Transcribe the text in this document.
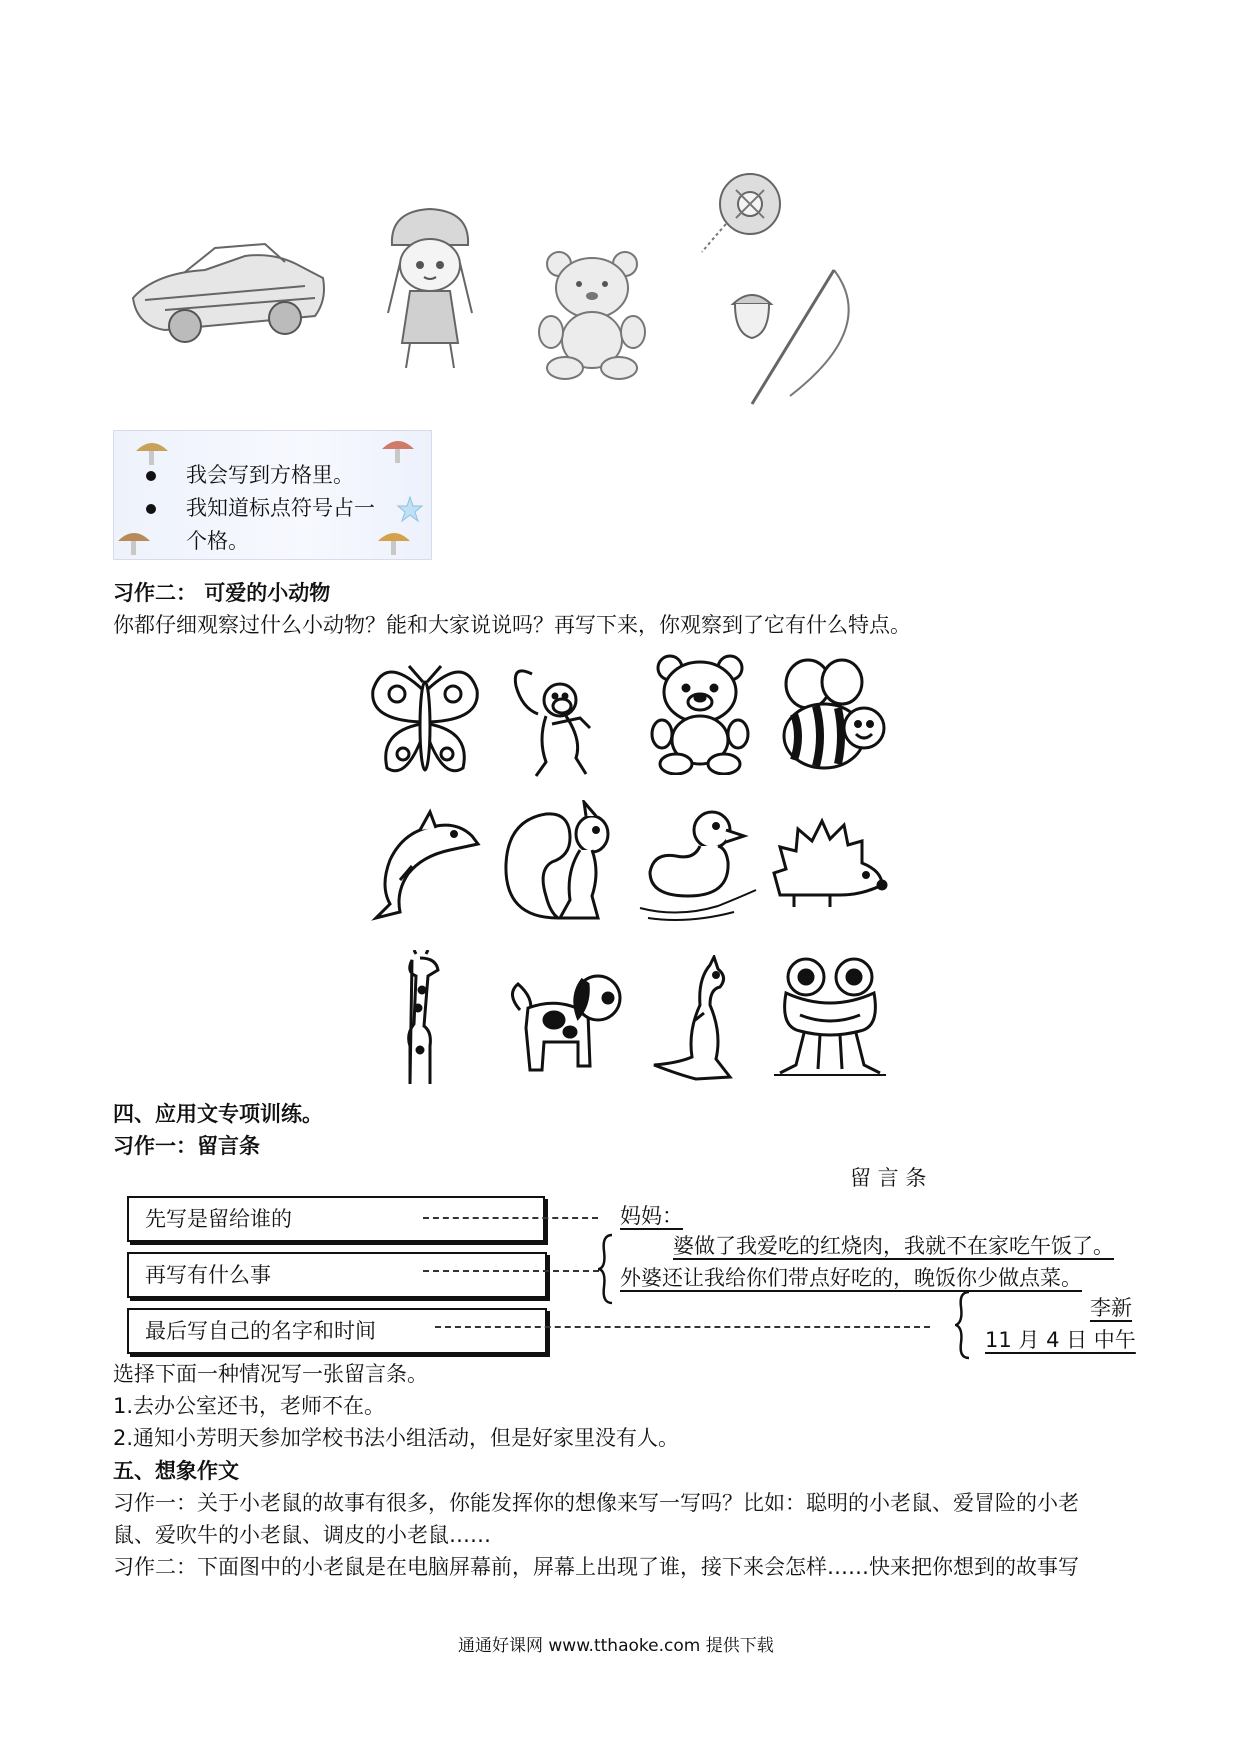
我会写到方格里。
我知道标点符号占一
个格。
习作二： 可爱的小动物
你都仔细观察过什么小动物？能和大家说说吗？再写下来，你观察到了它有什么特点。
四、应用文专项训练。
习作一：留言条
留 言 条
先写是留给谁的
再写有什么事
最后写自己的名字和时间
妈妈：
婆做了我爱吃的红烧肉，我就不在家吃午饭了。
外婆还让我给你们带点好吃的，晚饭你少做点菜。
李新
11 月 4 日 中午
选择下面一种情况写一张留言条。
1.去办公室还书，老师不在。
2.通知小芳明天参加学校书法小组活动，但是好家里没有人。
五、想象作文
习作一：关于小老鼠的故事有很多，你能发挥你的想像来写一写吗？比如：聪明的小老鼠、爱冒险的小老
鼠、爱吹牛的小老鼠、调皮的小老鼠……
习作二：下面图中的小老鼠是在电脑屏幕前，屏幕上出现了谁，接下来会怎样……快来把你想到的故事写
通通好课网 www.tthaoke.com 提供下载
